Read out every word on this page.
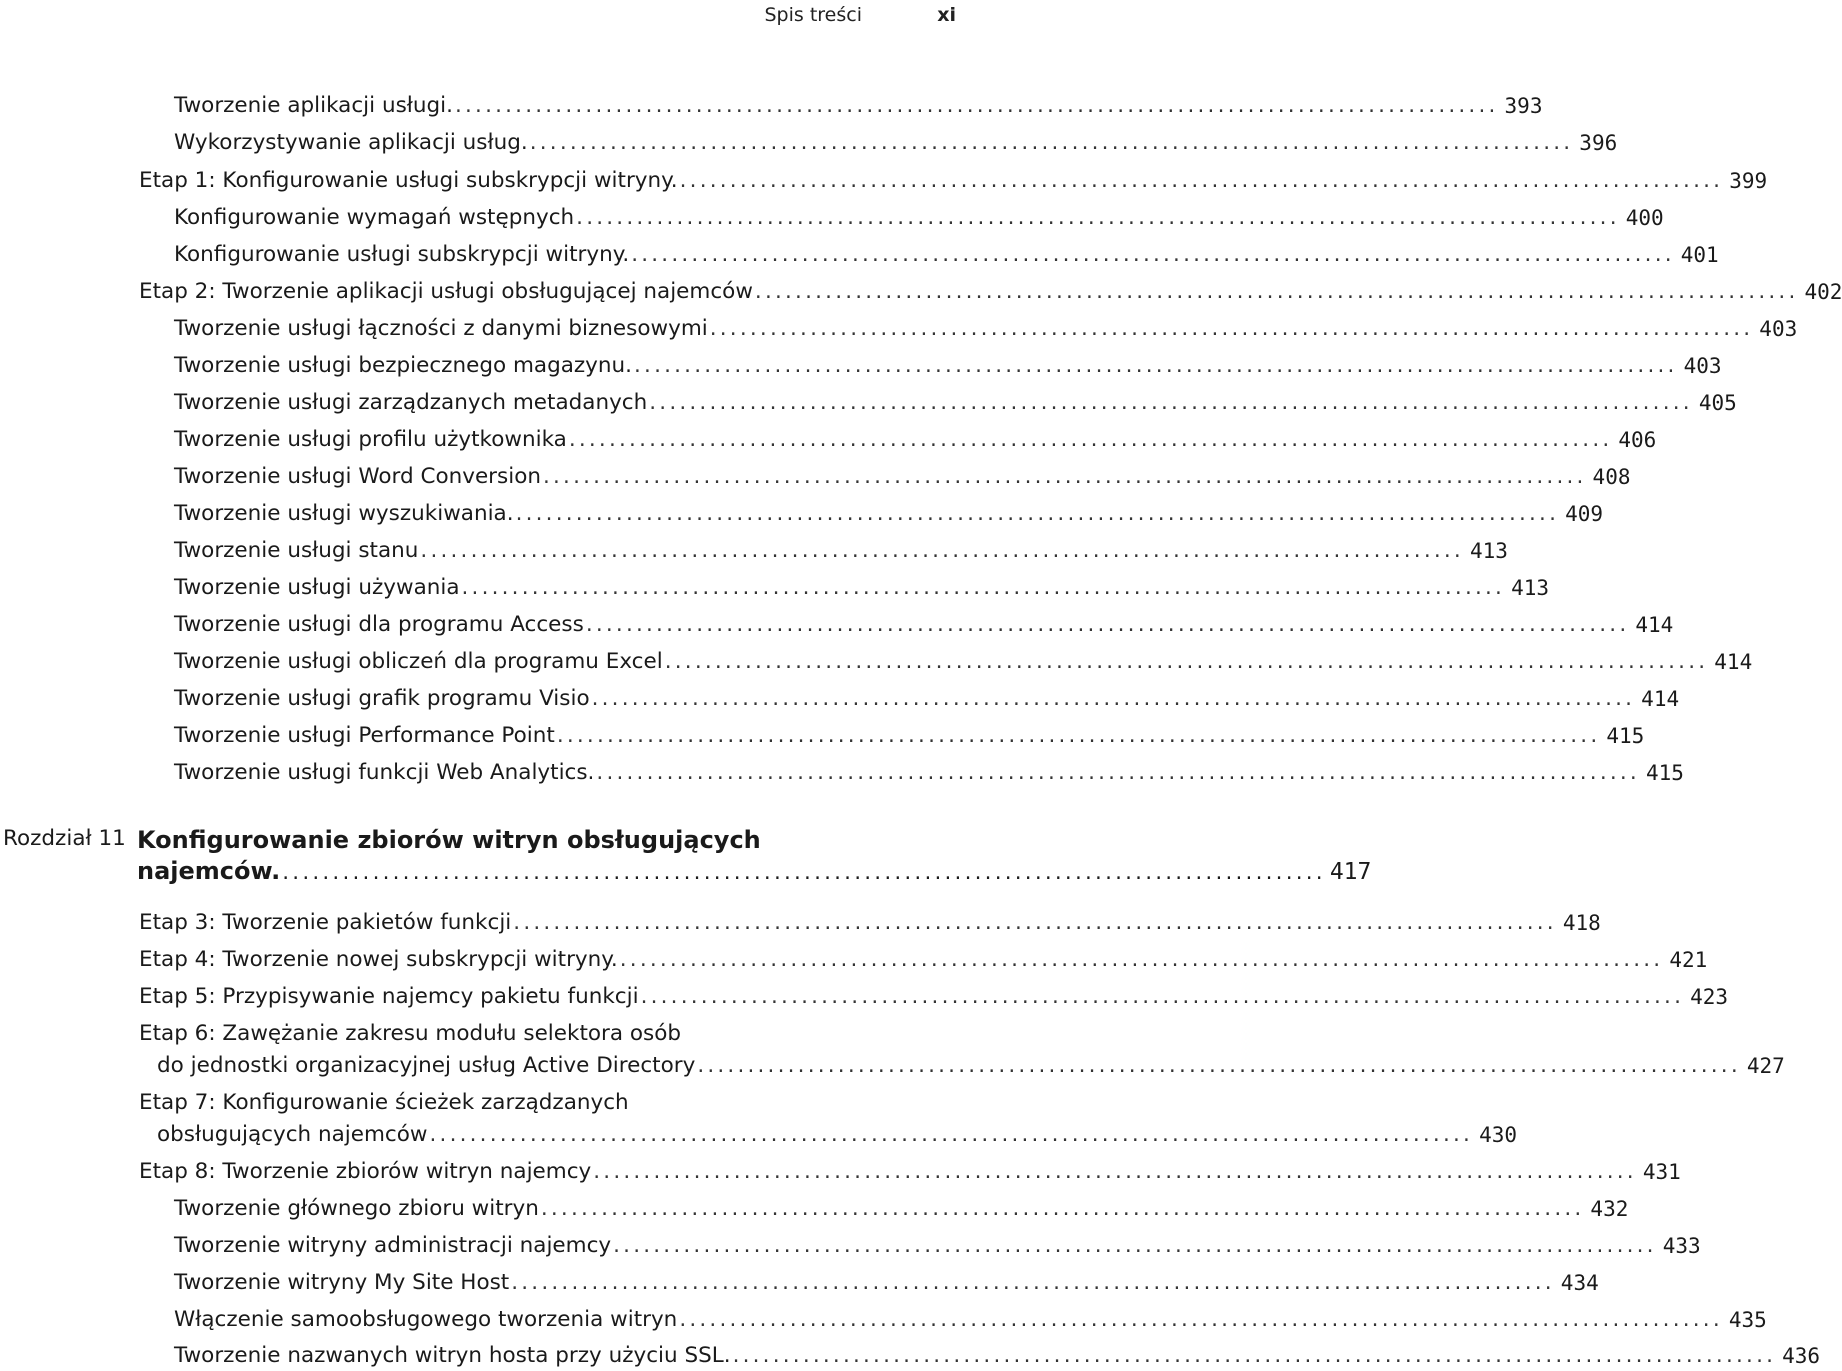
Spis treści	xi
Tworzenie aplikacji usługi. ........................................................................................................ 393
Wykorzystywanie aplikacji usług. ........................................................................................................ 396
Etap 1: Konfigurowanie usługi subskrypcji witryny. ........................................................................................................ 399
Konfigurowanie wymagań wstępnych ........................................................................................................ 400
Konfigurowanie usługi subskrypcji witryny. ........................................................................................................ 401
Etap 2: Tworzenie aplikacji usługi obsługującej najemców ........................................................................................................ 402
Tworzenie usługi łączności z danymi biznesowymi ........................................................................................................ 403
Tworzenie usługi bezpiecznego magazynu. ........................................................................................................ 403
Tworzenie usługi zarządzanych metadanych ........................................................................................................ 405
Tworzenie usługi profilu użytkownika ........................................................................................................ 406
Tworzenie usługi Word Conversion ........................................................................................................ 408
Tworzenie usługi wyszukiwania. ........................................................................................................ 409
Tworzenie usługi stanu ........................................................................................................ 413
Tworzenie usługi używania ........................................................................................................ 413
Tworzenie usługi dla programu Access ........................................................................................................ 414
Tworzenie usługi obliczeń dla programu Excel ........................................................................................................ 414
Tworzenie usługi grafik programu Visio ........................................................................................................ 414
Tworzenie usługi Performance Point ........................................................................................................ 415
Tworzenie usługi funkcji Web Analytics. ........................................................................................................ 415
Rozdział 11 Konfigurowanie zbiorów witryn obsługujących
najemców. ........................................................................................................ 417
Etap 3: Tworzenie pakietów funkcji ........................................................................................................ 418
Etap 4: Tworzenie nowej subskrypcji witryny. ........................................................................................................ 421
Etap 5: Przypisywanie najemcy pakietu funkcji ........................................................................................................ 423
Etap 6: Zawężanie zakresu modułu selektora osób
do jednostki organizacyjnej usług Active Directory ........................................................................................................ 427
Etap 7: Konfigurowanie ścieżek zarządzanych
obsługujących najemców ........................................................................................................ 430
Etap 8: Tworzenie zbiorów witryn najemcy ........................................................................................................ 431
Tworzenie głównego zbioru witryn ........................................................................................................ 432
Tworzenie witryny administracji najemcy ........................................................................................................ 433
Tworzenie witryny My Site Host ........................................................................................................ 434
Włączenie samoobsługowego tworzenia witryn ........................................................................................................ 435
Tworzenie nazwanych witryn hosta przy użyciu SSL. ........................................................................................................ 436
